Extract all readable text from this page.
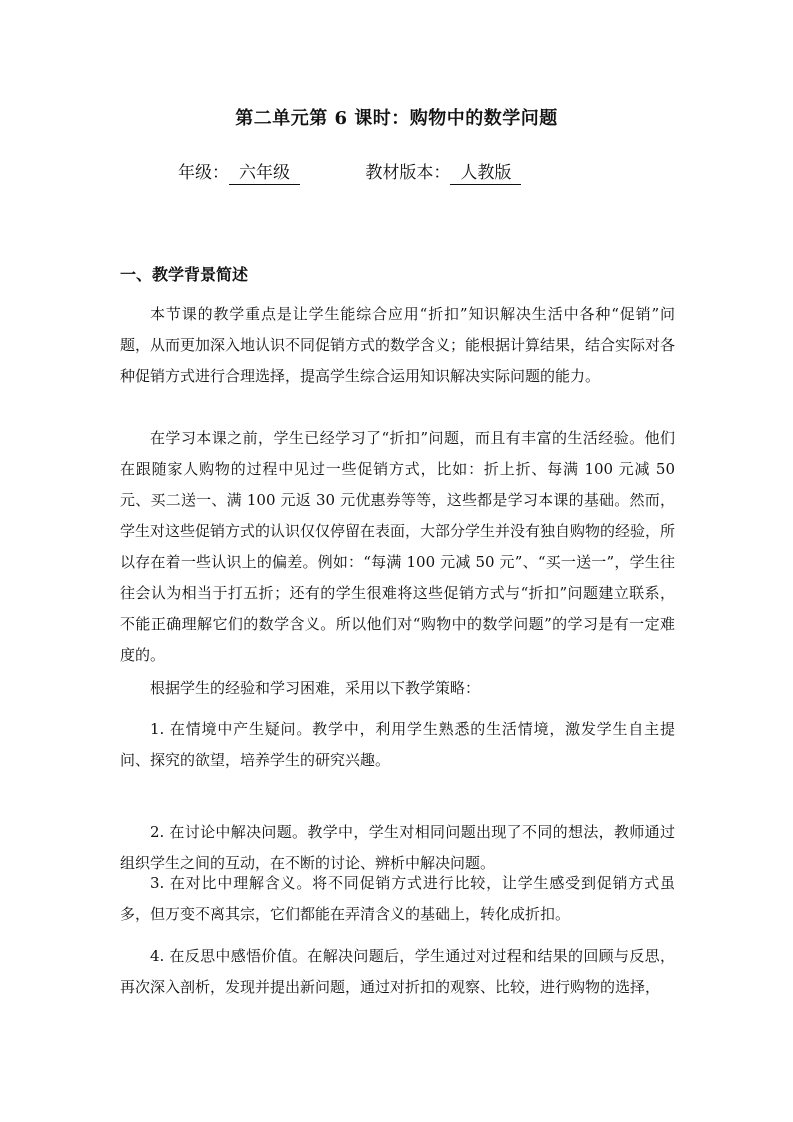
第二单元第 6 课时：购物中的数学问题
年级： 六年级	教材版本： 人教版
一、教学背景简述

本节课的教学重点是让学生能综合应用“折扣”知识解决生活中各种“促销”问题，从而更加深入地认识不同促销方式的数学含义；能根据计算结果，结合实际对各种促销方式进行合理选择，提高学生综合运用知识解决实际问题的能力。

在学习本课之前，学生已经学习了“折扣”问题，而且有丰富的生活经验。他们在跟随家人购物的过程中见过一些促销方式，比如：折上折、每满 100 元减 50 元、买二送一、满 100 元返 30 元优惠券等等，这些都是学习本课的基础。然而，学生对这些促销方式的认识仅仅停留在表面，大部分学生并没有独自购物的经验，所以存在着一些认识上的偏差。例如：“每满 100 元减 50 元”、“买一送一”，学生往往会认为相当于打五折；还有的学生很难将这些促销方式与“折扣”问题建立联系，不能正确理解它们的数学含义。所以他们对“购物中的数学问题”的学习是有一定难度的。

根据学生的经验和学习困难，采用以下教学策略：

1. 在情境中产生疑问。教学中，利用学生熟悉的生活情境，激发学生自主提问、探究的欲望，培养学生的研究兴趣。

2. 在讨论中解决问题。教学中，学生对相同问题出现了不同的想法，教师通过组织学生之间的互动，在不断的讨论、辨析中解决问题。

3. 在对比中理解含义。将不同促销方式进行比较，让学生感受到促销方式虽多，但万变不离其宗，它们都能在弄清含义的基础上，转化成折扣。

4. 在反思中感悟价值。在解决问题后，学生通过对过程和结果的回顾与反思，再次深入剖析，发现并提出新问题，通过对折扣的观察、比较，进行购物的选择，
